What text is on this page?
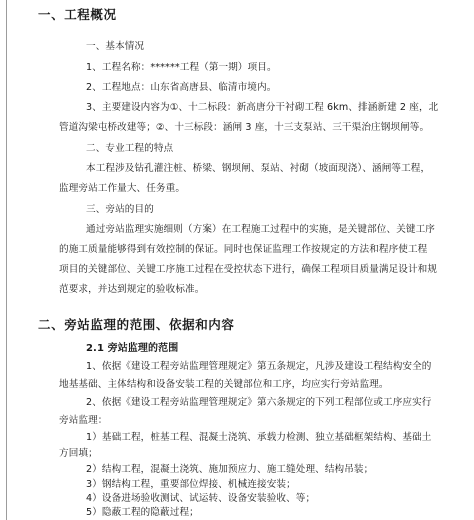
一、工程概况
一、基本情况
1、工程名称：******工程（第一期）项目。
2、工程地点：山东省高唐县、临清市境内。
3、主要建设内容为①、十二标段：新高唐分干衬砌工程 6km、排涵新建 2 座，北
管道沟梁屯桥改建等；②、十三标段：涵闸 3 座，十三支泵站、三干渠治庄钢坝闸等。
二、专业工程的特点
本工程涉及钻孔灌注桩、桥梁、钢坝闸、泵站、衬砌（坡面现浇）、涵闸等工程，
监理旁站工作量大、任务重。
三、旁站的目的
通过旁站监理实施细则（方案）在工程施工过程中的实施，是关键部位、关键工序
的施工质量能够得到有效控制的保证。同时也保证监理工作按规定的方法和程序使工程
项目的关键部位、关键工序施工过程在受控状态下进行，确保工程项目质量满足设计和规
范要求，并达到规定的验收标准。
二、旁站监理的范围、依据和内容
2.1 旁站监理的范围
1、依据《建设工程旁站监理管理规定》第五条规定，凡涉及建设工程结构安全的
地基基础、主体结构和设备安装工程的关键部位和工序，均应实行旁站监理。
2、依据《建设工程旁站监理管理规定》第六条规定的下列工程部位或工序应实行
旁站监理：
1）基础工程，桩基工程、混凝土浇筑、承载力检测、独立基础框架结构、基础土
方回填；
2）结构工程，混凝土浇筑、施加预应力、施工缝处理、结构吊装；
3）钢结构工程，重要部位焊接、机械连接安装；
4）设备进场验收测试、试运转、设备安装验收、等；
5）隐蔽工程的隐蔽过程；
